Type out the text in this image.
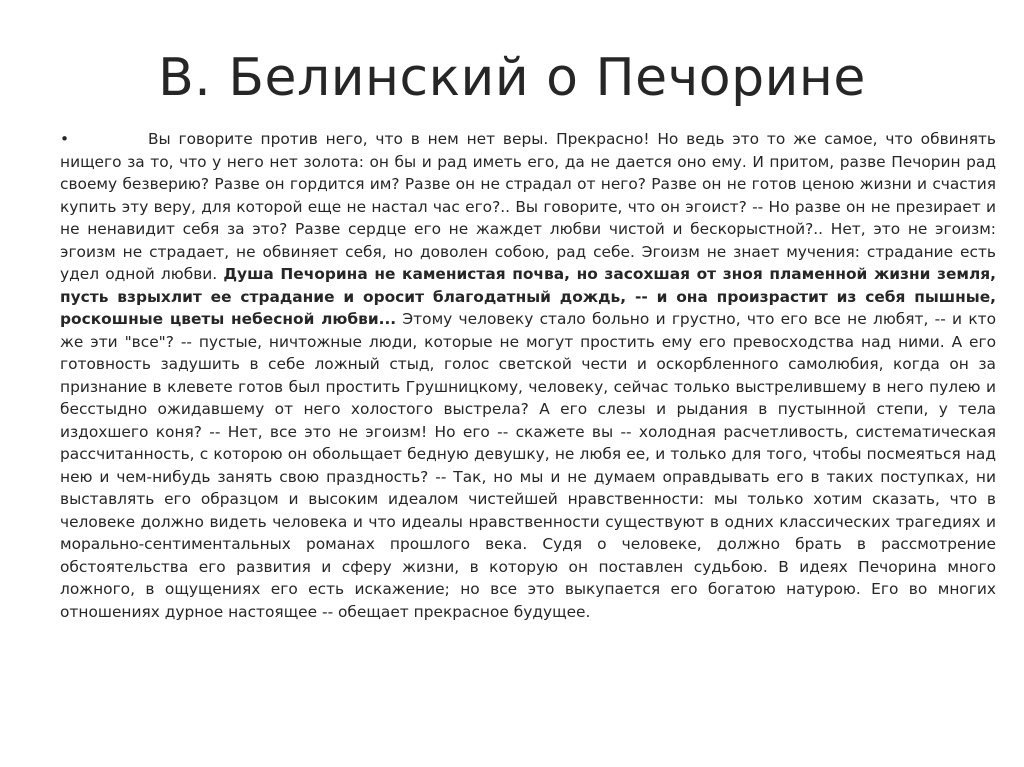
В. Белинский о Печорине
•	Вы говорите против него, что в нем нет веры. Прекрасно! Но ведь это то же самое, что обвинять нищего за то, что у него нет золота: он бы и рад иметь его, да не дается оно ему. И притом, разве Печорин рад своему безверию? Разве он гордится им? Разве он не страдал от него? Разве он не готов ценою жизни и счастия купить эту веру, для которой еще не настал час его?.. Вы говорите, что он эгоист? -- Но разве он не презирает и не ненавидит себя за это? Разве сердце его не жаждет любви чистой и бескорыстной?.. Нет, это не эгоизм: эгоизм не страдает, не обвиняет себя, но доволен собою, рад себе. Эгоизм не знает мучения: страдание есть удел одной любви. Душа Печорина не каменистая почва, но засохшая от зноя пламенной жизни земля, пусть взрыхлит ее страдание и оросит благодатный дождь, -- и она произрастит из себя пышные, роскошные цветы небесной любви... Этому человеку стало больно и грустно, что его все не любят, -- и кто же эти "все"? -- пустые, ничтожные люди, которые не могут простить ему его превосходства над ними. А его готовность задушить в себе ложный стыд, голос светской чести и оскорбленного самолюбия, когда он за признание в клевете готов был простить Грушницкому, человеку, сейчас только выстрелившему в него пулею и бесстыдно ожидавшему от него холостого выстрела? А его слезы и рыдания в пустынной степи, у тела издохшего коня? -- Нет, все это не эгоизм! Но его -- скажете вы -- холодная расчетливость, систематическая рассчитанность, с которою он обольщает бедную девушку, не любя ее, и только для того, чтобы посмеяться над нею и чем-нибудь занять свою праздность? -- Так, но мы и не думаем оправдывать его в таких поступках, ни выставлять его образцом и высоким идеалом чистейшей нравственности: мы только хотим сказать, что в человеке должно видеть человека и что идеалы нравственности существуют в одних классических трагедиях и морально-сентиментальных романах прошлого века. Судя о человеке, должно брать в рассмотрение обстоятельства его развития и сферу жизни, в которую он поставлен судьбою. В идеях Печорина много ложного, в ощущениях его есть искажение; но все это выкупается его богатою натурою. Его во многих отношениях дурное настоящее -- обещает прекрасное будущее.
